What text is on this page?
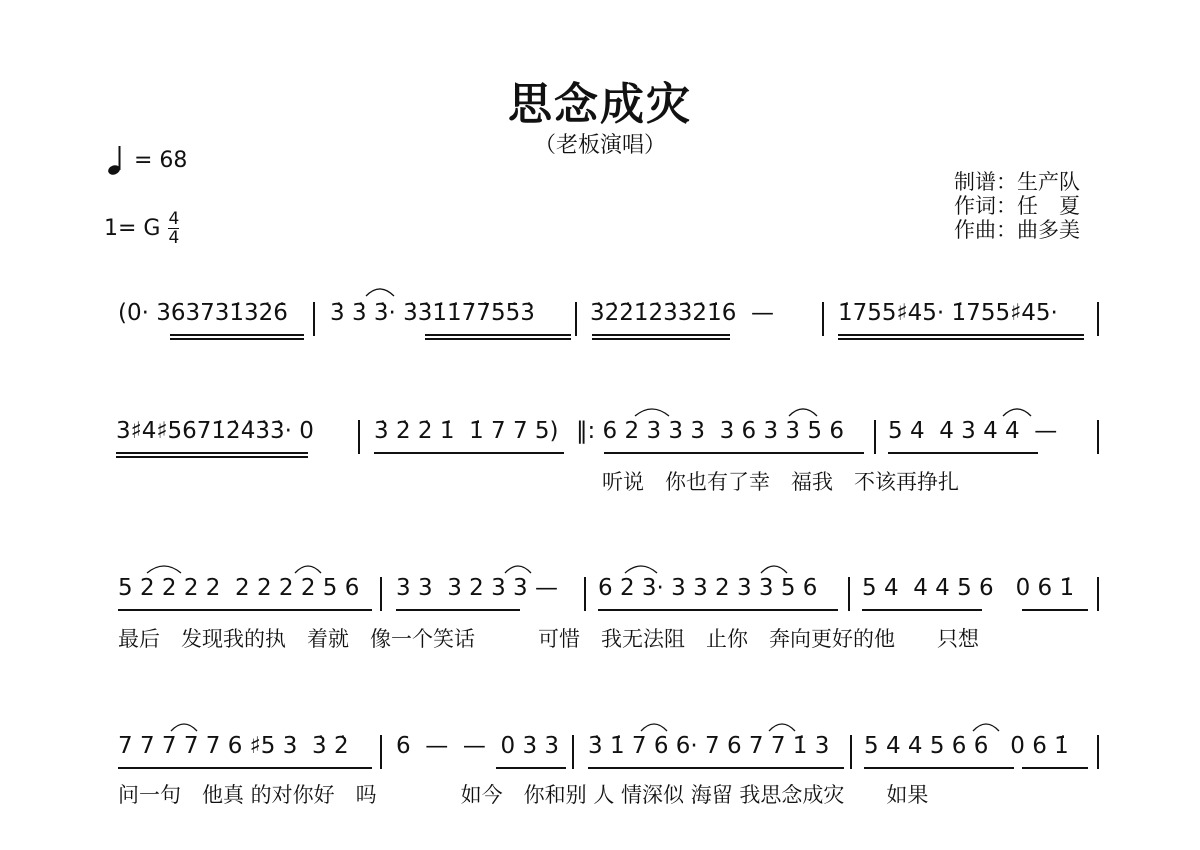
思念成灾
（老板演唱）
= 68
1= G 4
4
制谱：生产队
作词：任　夏
作曲：曲多美
(0· 363731̇32̇6̇ 3̇ 3̇ 3̇· 3̇3̇1̇1̇7̇7̇5̇5̇3̇ 3̇2̇2̇1̇2̇3̇3̇2̇1̇6  —	1̇755♯45· 1̇755♯45·
3♯4♯5671̇2̇4̇3̇3̇· 0	3̇ 2̇ 2̇ 1̇  1̇ 7 7 5) ‖: 6 2 3 3 3  3 6 3 3 5 6 5 4  4 3 4 4  —
听说　你也有了幸　福我　不该再挣扎
5 2 2 2 2  2 2 2 2 5 6 3 3  3 2 3 3 — 6 2 3· 3 3 2 3 3 5 6 5 4  4 4 5 6   0 6 1̇
最后　发现我的执　着就　像一个笑话　　　可惜　我无法阻　止你　奔向更好的他　　只想
7 7 7 7 7 6 ♯5 3  3̇ 2̇ 6  —  —  0 3 3 3̇ 1̇ 7 6 6· 7 6 7 7 1̇ 3 5 4 4 5 6 6   0 6 1̇
问一句　他真 的对你好　吗　　　　如今　你和别 人 情深似 海留 我思念成灾　　如果
